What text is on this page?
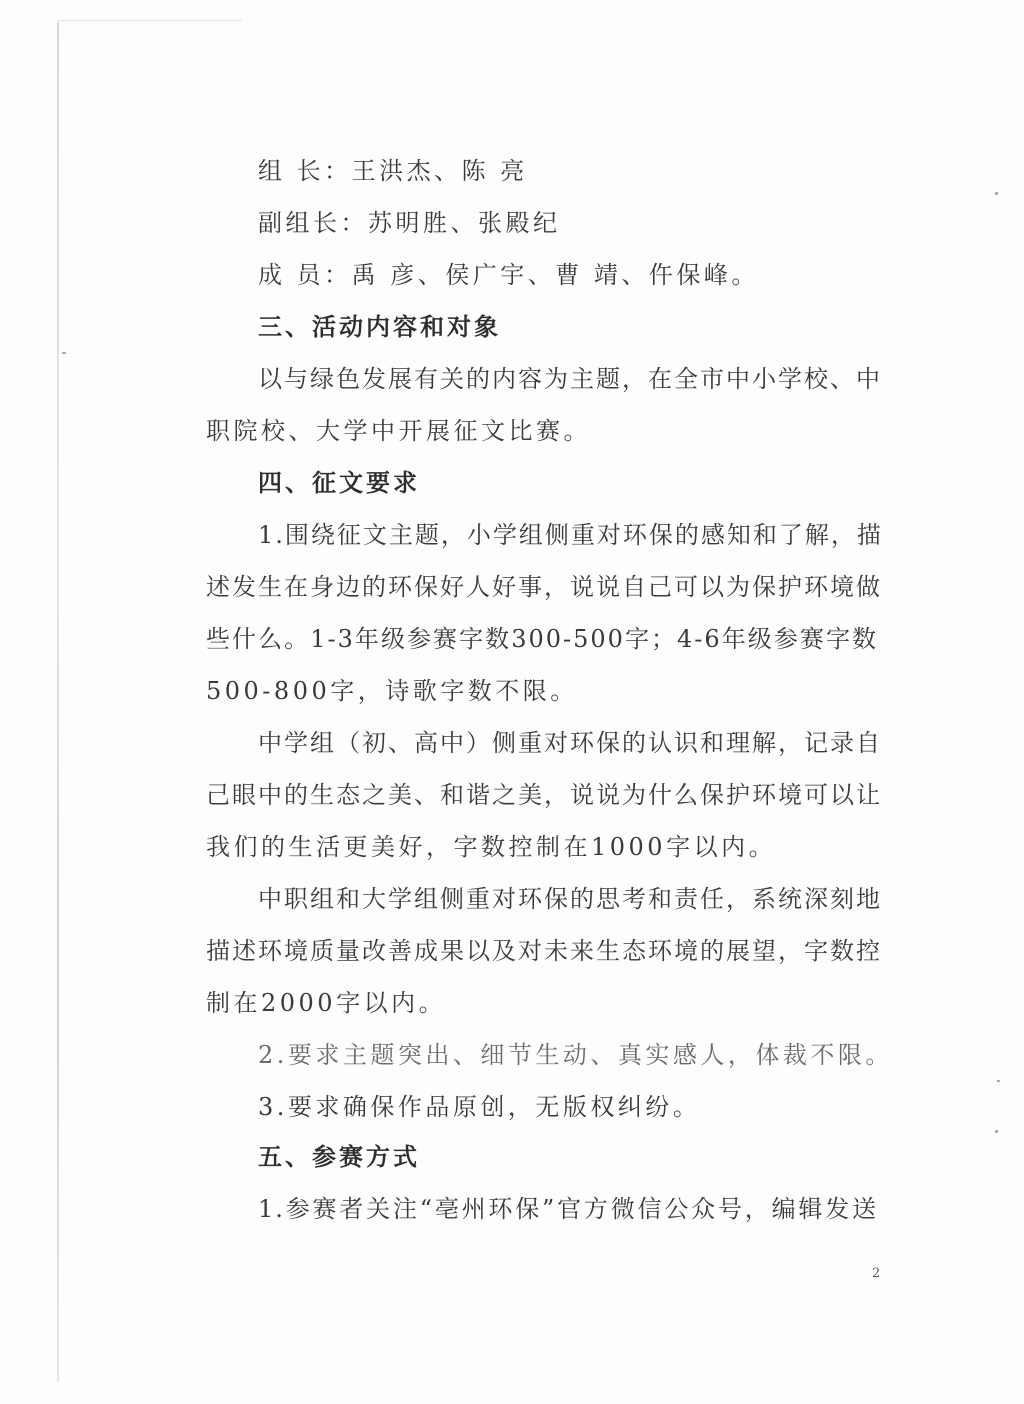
组 长：王洪杰、陈 亮
副组长：苏明胜、张殿纪
成 员：禹 彦、侯广宇、曹 靖、仵保峰。
三、活动内容和对象
以与绿色发展有关的内容为主题，在全市中小学校、中
职院校、大学中开展征文比赛。
四、征文要求
1.围绕征文主题，小学组侧重对环保的感知和了解，描
述发生在身边的环保好人好事，说说自己可以为保护环境做
些什么。1-3年级参赛字数300-500字；4-6年级参赛字数
500-800字，诗歌字数不限。
中学组（初、高中）侧重对环保的认识和理解，记录自
己眼中的生态之美、和谐之美，说说为什么保护环境可以让
我们的生活更美好，字数控制在1000字以内。
中职组和大学组侧重对环保的思考和责任，系统深刻地
描述环境质量改善成果以及对未来生态环境的展望，字数控
制在2000字以内。
2.要求主题突出、细节生动、真实感人，体裁不限。
3.要求确保作品原创，无版权纠纷。
五、参赛方式
1.参赛者关注“亳州环保”官方微信公众号，编辑发送
2
